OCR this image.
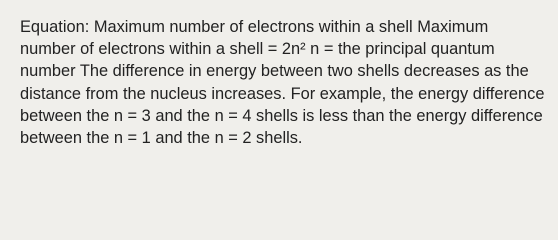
Equation: Maximum number of electrons within a shell Maximum number of electrons within a shell = 2n² n = the principal quantum number The difference in energy between two shells decreases as the distance from the nucleus increases. For example, the energy difference between the n = 3 and the n = 4 shells is less than the energy difference between the n = 1 and the n = 2 shells.
